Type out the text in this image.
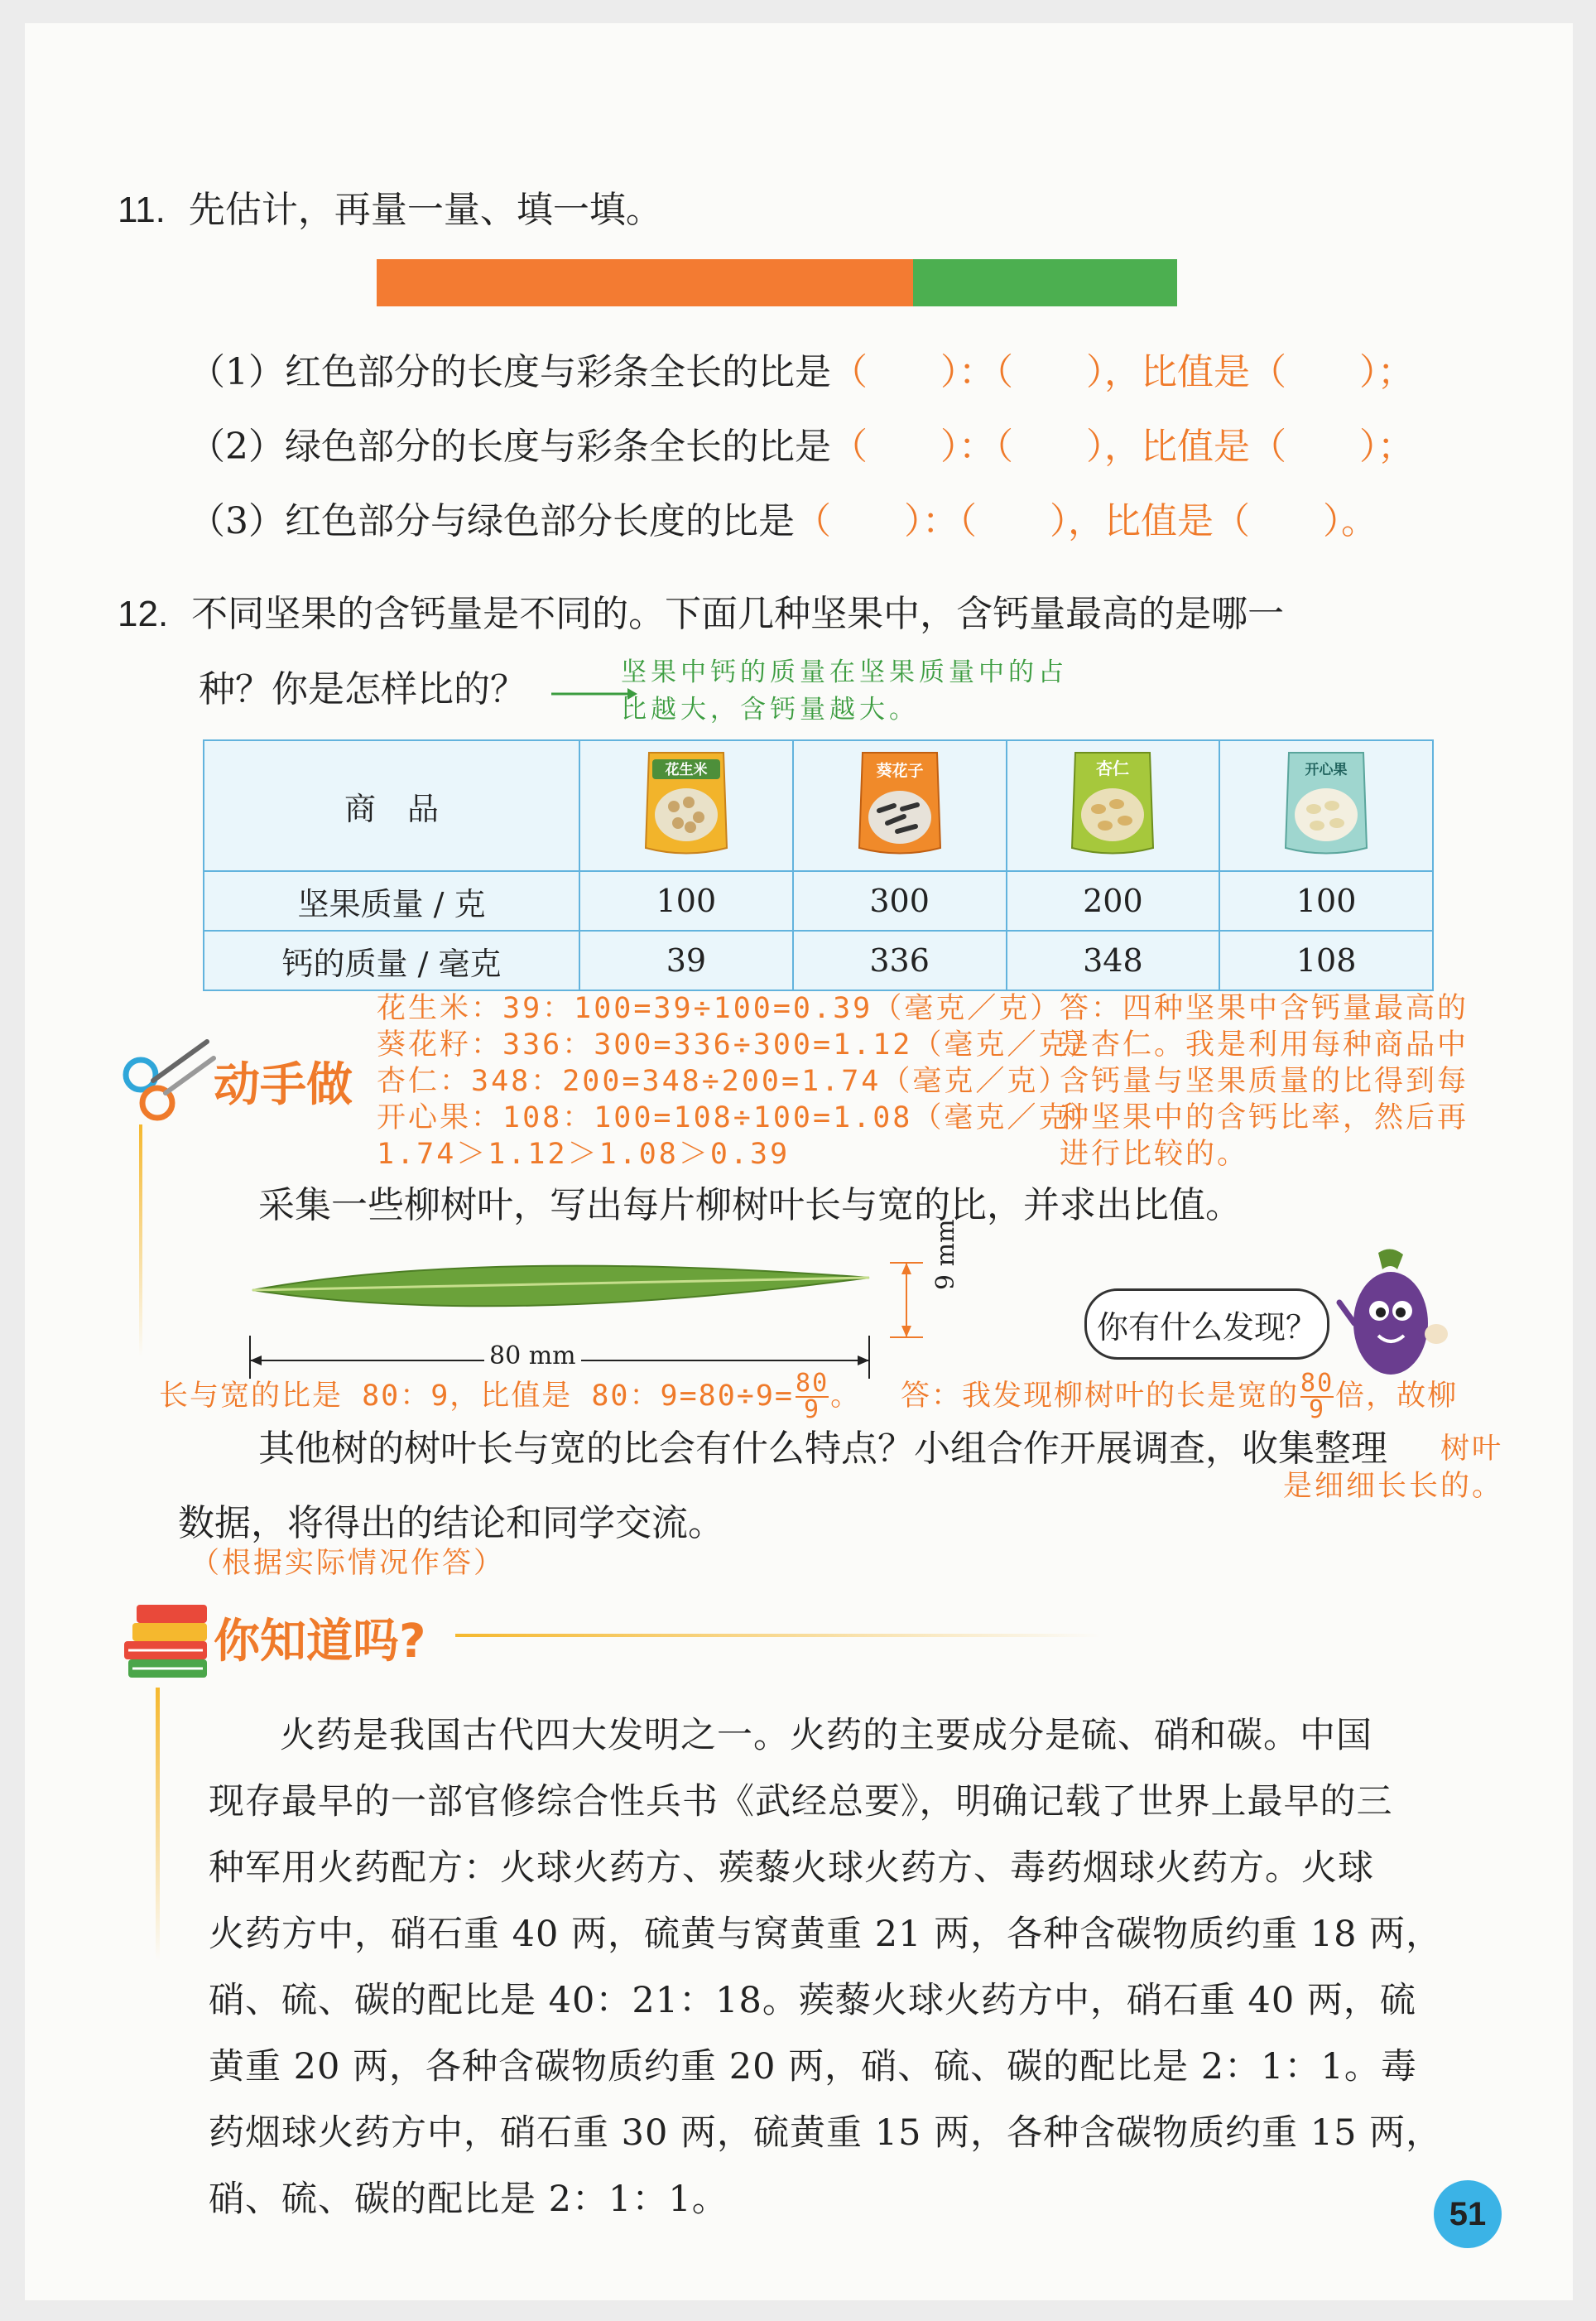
11. 先估计，再量一量、填一填。
（1）红色部分的长度与彩条全长的比是（　　）：（　　），比值是（　　）；
（2）绿色部分的长度与彩条全长的比是（　　）：（　　），比值是（　　）；
（3）红色部分与绿色部分长度的比是（　　）：（　　），比值是（　　）。
12. 不同坚果的含钙量是不同的。下面几种坚果中，含钙量最高的是哪一
种？你是怎样比的？	坚果中钙的质量在坚果质量中的占
比越大，含钙量越大。
商　品	花生米	葵花子	杏仁	开心果

坚果质量 / 克	100	300	200	100
钙的质量 / 毫克	39	336	348	108
花生米：39：100=39÷100=0.39（毫克／克）
葵花籽：336：300=336÷300=1.12（毫克／克）
杏仁：348：200=348÷200=1.74（毫克／克）
开心果：108：100=108÷100=1.08（毫克／克）
1.74＞1.12＞1.08＞0.39
答：四种坚果中含钙量最高的
是杏仁。我是利用每种商品中
含钙量与坚果质量的比得到每
种坚果中的含钙比率，然后再
进行比较的。
动手做
采集一些柳树叶，写出每片柳树叶长与宽的比，并求出比值。
80 mm
9 mm
你有什么发现？
长与宽的比是 80：9，比值是 80：$9=80\div 9= \frac{80}{9}$ 。 答：我发现柳树叶的长是宽的 $\frac{80}{9}$ 倍，故柳
其他树的树叶长与宽的比会有什么特点？小组合作开展调查，收集整理 树叶
是细细长长的。
数据，将得出的结论和同学交流。
（根据实际情况作答）
你知道吗?
火药是我国古代四大发明之一。火药的主要成分是硫、硝和碳。中国
现存最早的一部官修综合性兵书《武经总要》，明确记载了世界上最早的三
种军用火药配方：火球火药方、蒺藜火球火药方、毒药烟球火药方。火球
火药方中，硝石重 40 两，硫黄与窝黄重 21 两，各种含碳物质约重 18 两，
硝、硫、碳的配比是 40：21：18。蒺藜火球火药方中，硝石重 40 两，硫
黄重 20 两，各种含碳物质约重 20 两，硝、硫、碳的配比是 2：1：1。毒
药烟球火药方中，硝石重 30 两，硫黄重 15 两，各种含碳物质约重 15 两，
硝、硫、碳的配比是 2：1：1。	51
